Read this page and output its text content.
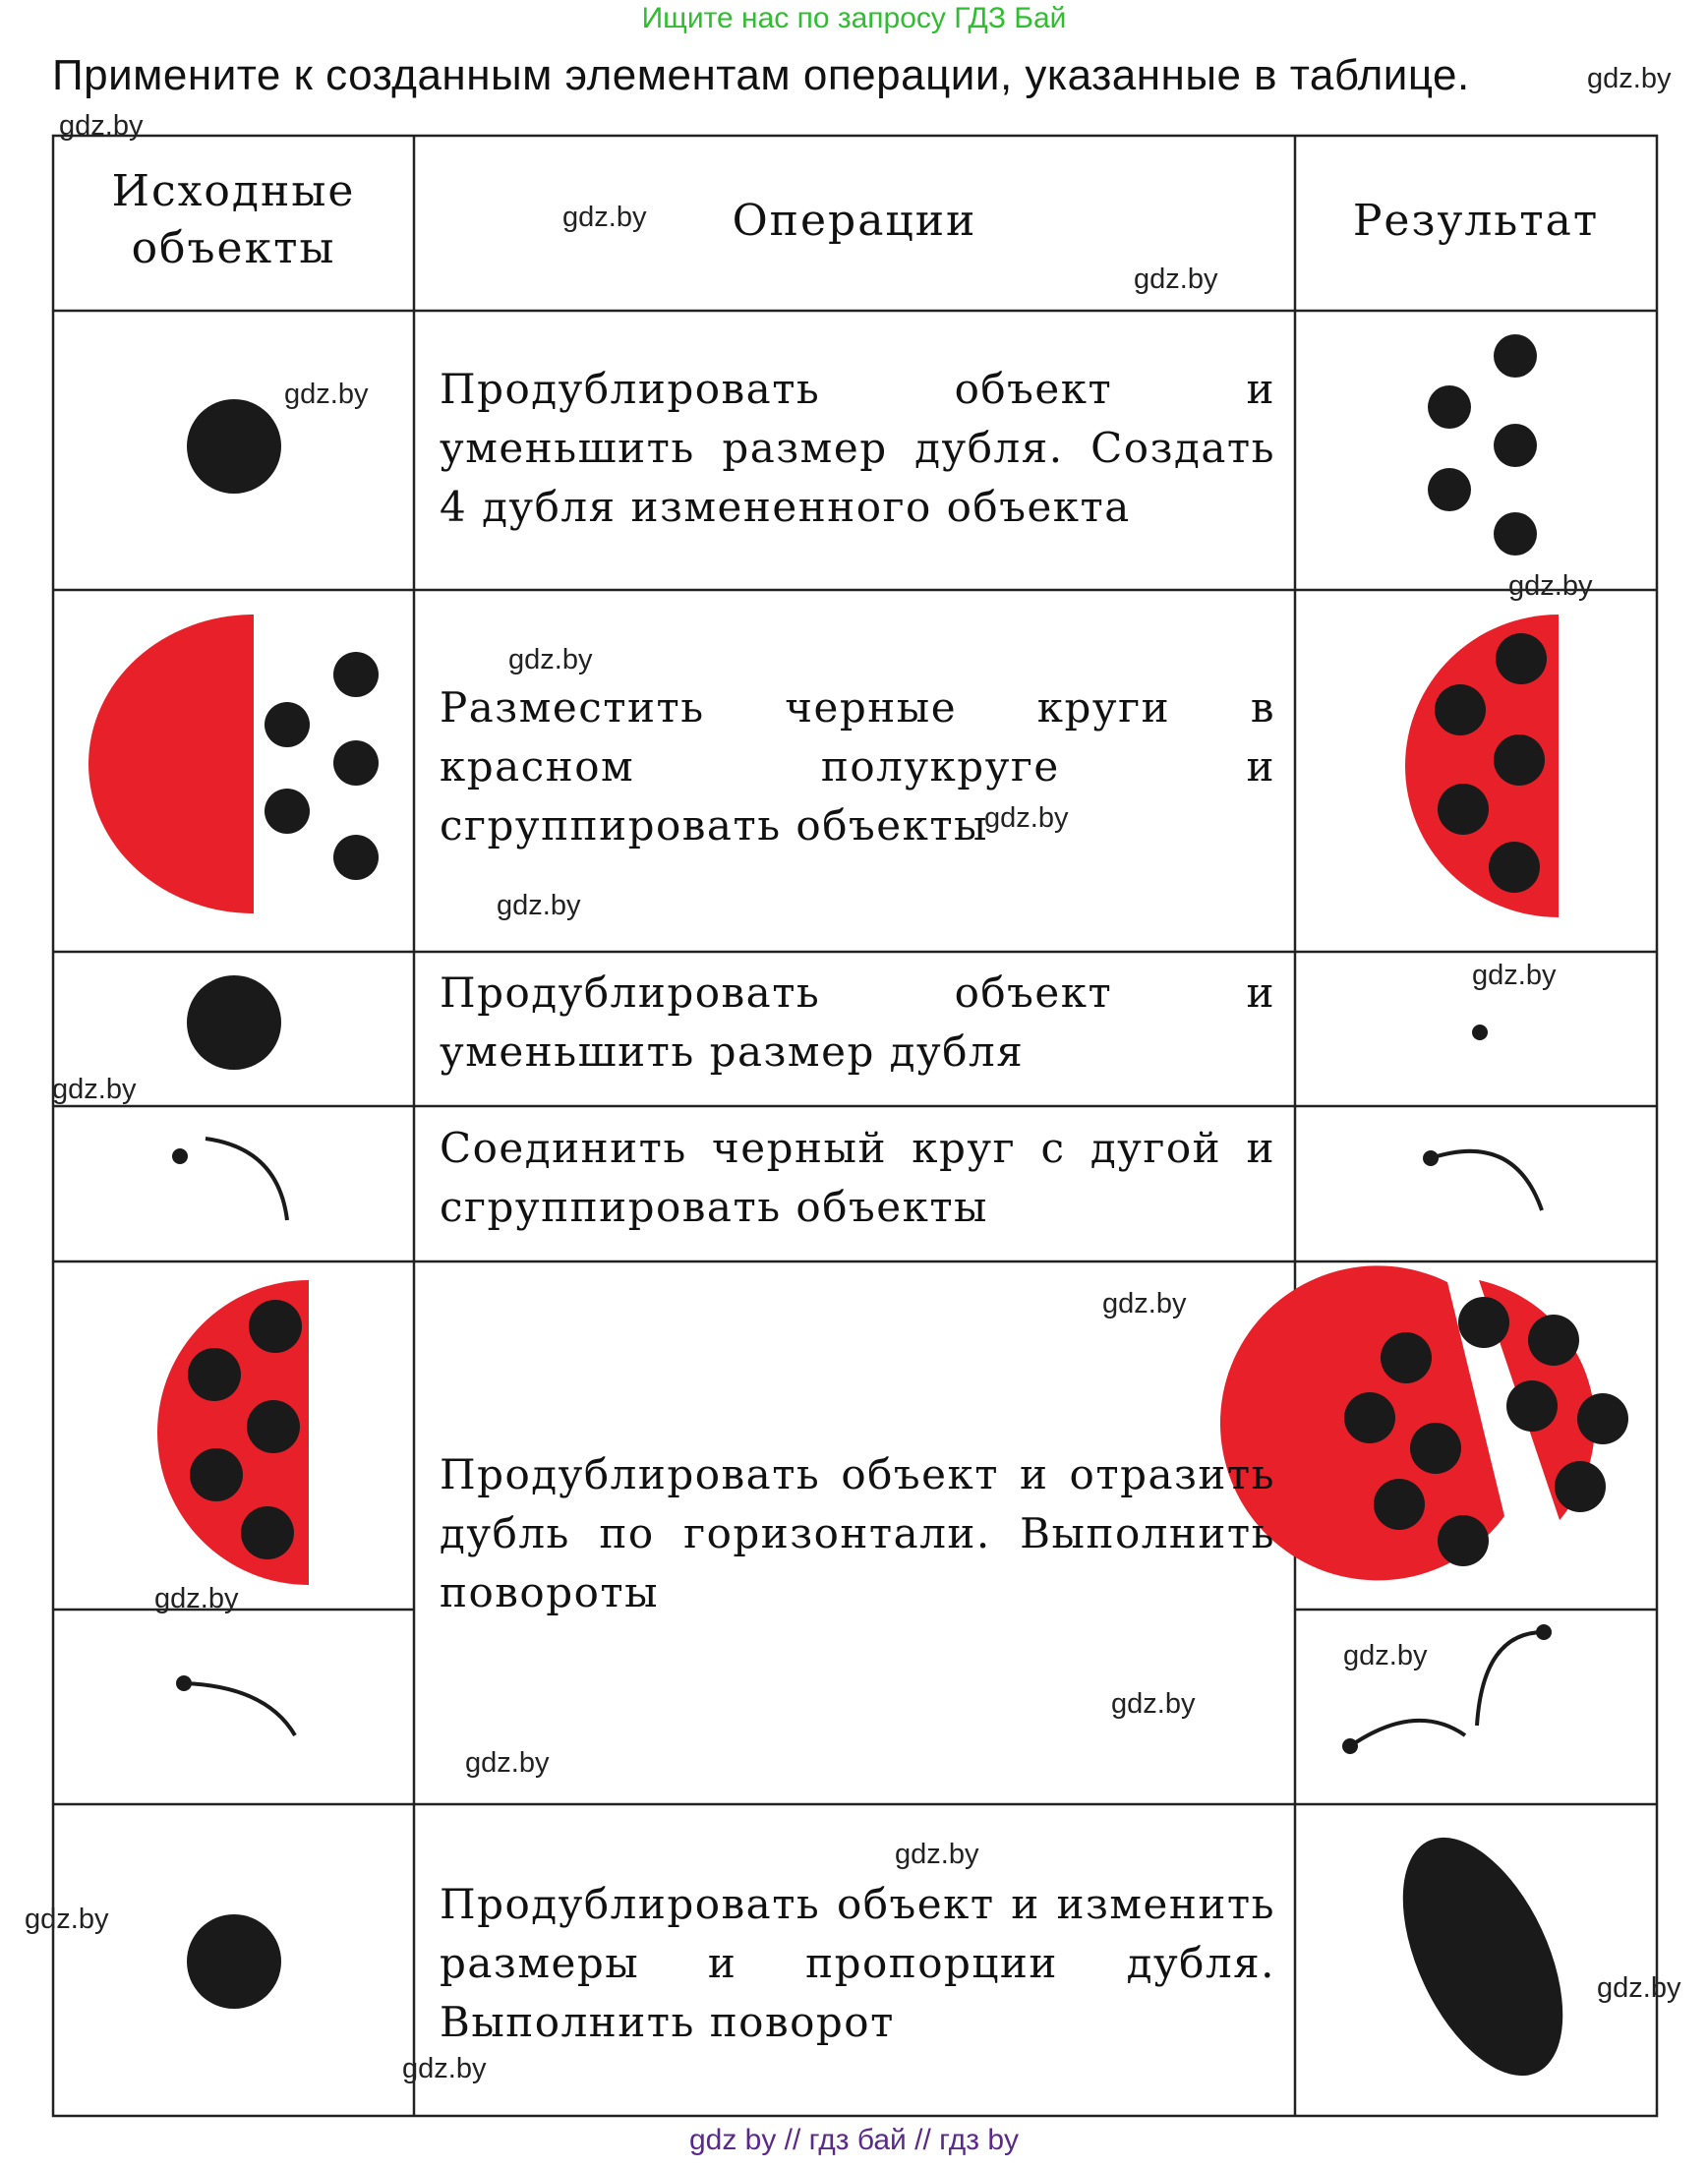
Ищите нас по запросу ГДЗ Бай
Примените к созданным элементам операции, указанные в таблице.
Исходные объекты
Операции	Результат
Продублировать объект и уменьшить размер дубля. Создать 4 дубля измененного объекта
Разместить черные круги в красном полукруге и сгруппировать объекты
Продублировать объект и уменьшить размер дубля
Соединить черный круг с дугой и сгруппировать объекты
Продублировать объект и отразить дубль по горизонтали. Выполнить повороты
Продублировать объект и изменить размеры и пропорции дубля. Выполнить поворот
gdz.by
gdz.by
gdz.by
gdz.by
gdz.by
gdz.by
gdz.by
gdz.by
gdz.by
gdz.by
gdz.by
gdz.by
gdz.by
gdz.by
gdz.by
gdz.by
gdz.by
gdz.by
gdz.by
gdz.by
gdz by // гдз бай // гдз by
